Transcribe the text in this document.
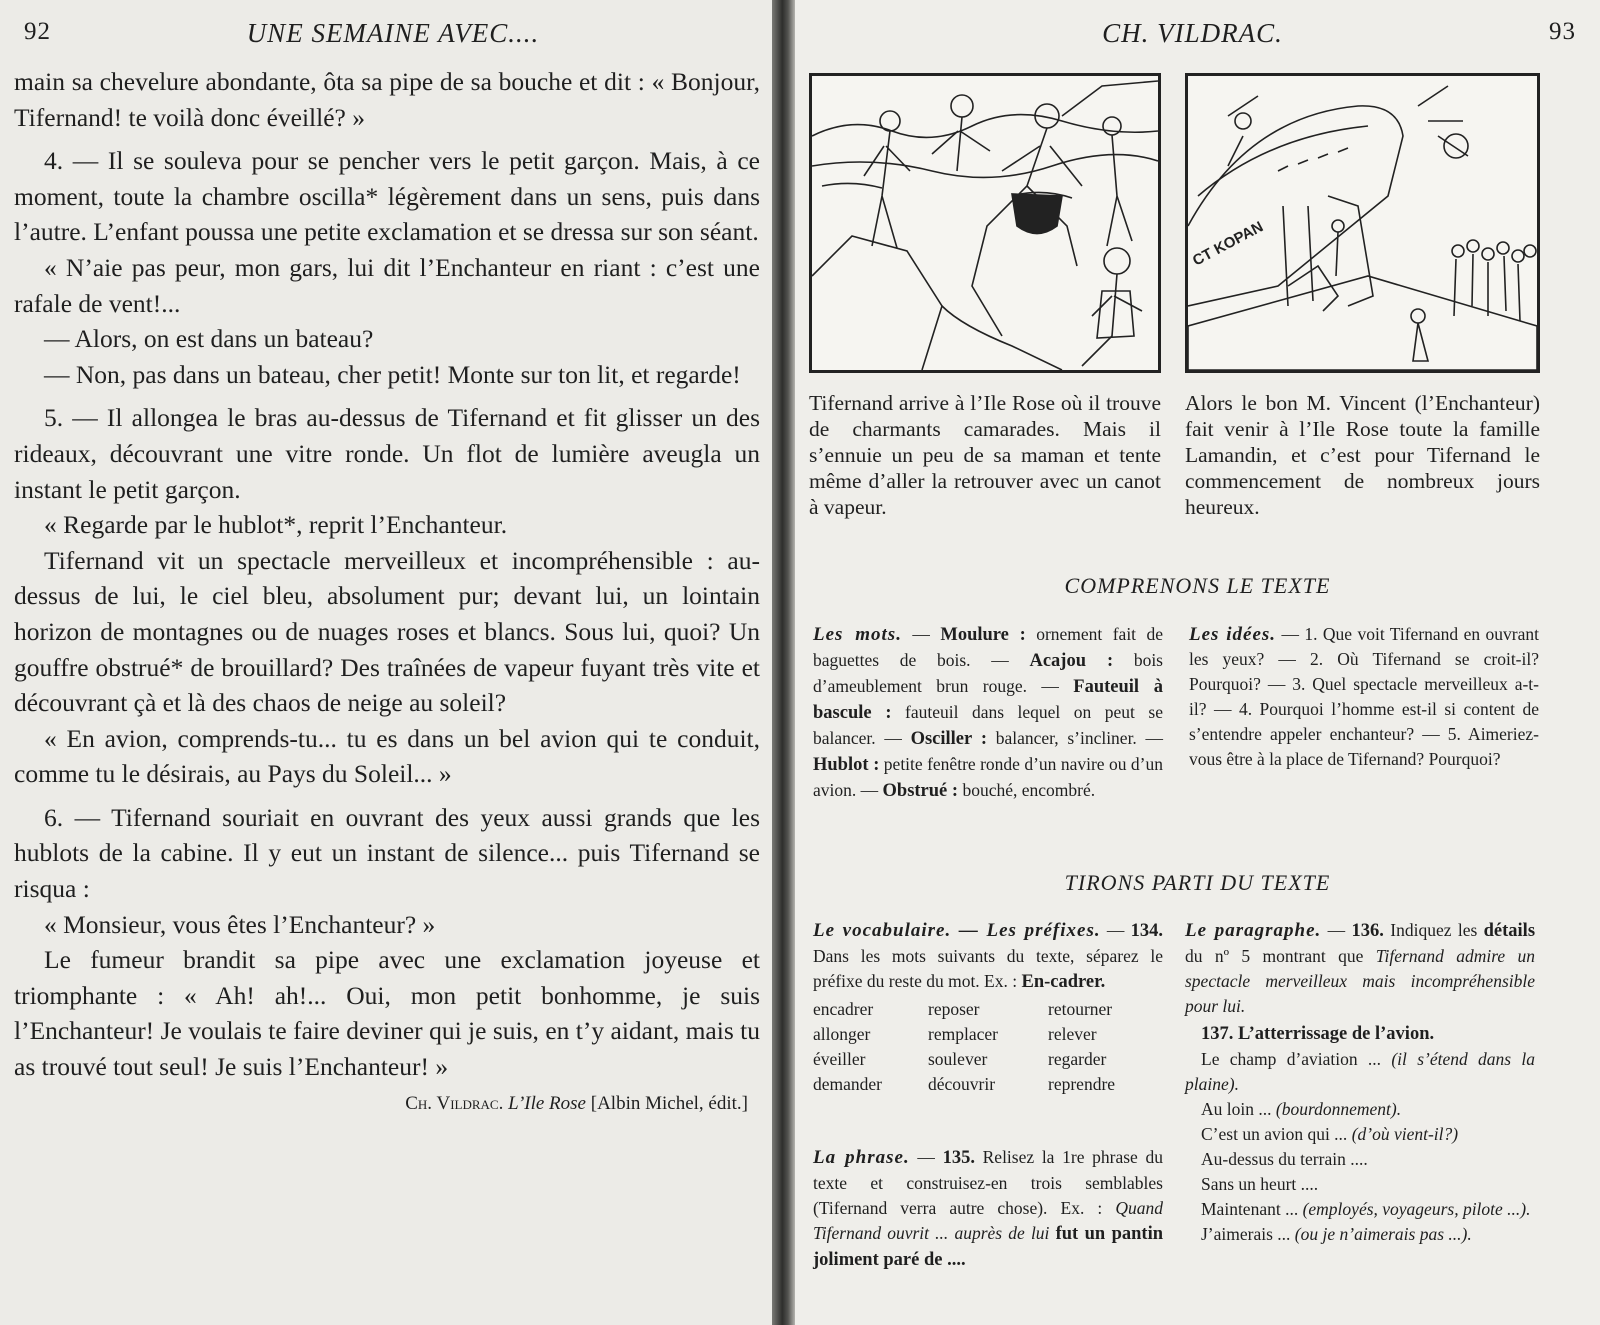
92	UNE SEMAINE AVEC....

main sa chevelure abondante, ôta sa pipe de sa bouche et dit : « Bonjour, Tifernand! te voilà donc éveillé? »

4. — Il se souleva pour se pencher vers le petit garçon. Mais, à ce moment, toute la chambre oscilla* légèrement dans un sens, puis dans l’autre. L’enfant poussa une petite exclamation et se dressa sur son séant.

« N’aie pas peur, mon gars, lui dit l’Enchanteur en riant : c’est une rafale de vent!...

— Alors, on est dans un bateau?

— Non, pas dans un bateau, cher petit! Monte sur ton lit, et regarde!

5. — Il allongea le bras au-dessus de Tifernand et fit glisser un des rideaux, découvrant une vitre ronde. Un flot de lumière aveugla un instant le petit garçon.

« Regarde par le hublot*, reprit l’Enchanteur.

Tifernand vit un spectacle merveilleux et incompréhensible : au-dessus de lui, le ciel bleu, absolument pur; devant lui, un lointain horizon de montagnes ou de nuages roses et blancs. Sous lui, quoi? Un gouffre obstrué* de brouillard? Des traînées de vapeur fuyant très vite et découvrant çà et là des chaos de neige au soleil?

« En avion, comprends-tu... tu es dans un bel avion qui te conduit, comme tu le désirais, au Pays du Soleil... »

6. — Tifernand souriait en ouvrant des yeux aussi grands que les hublots de la cabine. Il y eut un instant de silence... puis Tifernand se risqua :

« Monsieur, vous êtes l’Enchanteur? »

Le fumeur brandit sa pipe avec une exclamation joyeuse et triomphante : « Ah! ah!... Oui, mon petit bonhomme, je suis l’Enchanteur! Je voulais te faire deviner qui je suis, en t’y aidant, mais tu as trouvé tout seul! Je suis l’Enchanteur! »

Ch. Vildrac. L’Ile Rose [Albin Michel, édit.]
CH. VILDRAC.	93
CT KOPAN
Tifernand arrive à l’Ile Rose où il trouve de charmants camarades. Mais il s’ennuie un peu de sa maman et tente même d’aller la retrouver avec un canot à vapeur.
Alors le bon M. Vincent (l’Enchanteur) fait venir à l’Ile Rose toute la famille Lamandin, et c’est pour Tifernand le commencement de nombreux jours heureux.
COMPRENONS LE TEXTE

Les mots. — Moulure : ornement fait de baguettes de bois. — Acajou : bois d’ameublement brun rouge. — Fauteuil à bascule : fauteuil dans lequel on peut se balancer. — Osciller : balancer, s’incliner. — Hublot : petite fenêtre ronde d’un navire ou d’un avion. — Obstrué : bouché, encombré.

Les idées. — 1. Que voit Tifernand en ouvrant les yeux? — 2. Où Tifernand se croit-il? Pourquoi? — 3. Quel spectacle merveilleux a-t-il? — 4. Pourquoi l’homme est-il si content de s’entendre appeler enchanteur? — 5. Aimeriez-vous être à la place de Tifernand? Pourquoi?

TIRONS PARTI DU TEXTE

Le vocabulaire. — Les préfixes. — 134. Dans les mots suivants du texte, séparez le préfixe du reste du mot. Ex. : En-cadrer.

encadrer	reposer	retourner
allonger	remplacer	relever
éveiller	soulever	regarder
demander	découvrir	reprendre

La phrase. — 135. Relisez la 1re phrase du texte et construisez-en trois semblables (Tifernand verra autre chose). Ex. : Quand Tifernand ouvrit ... auprès de lui fut un pantin joliment paré de ....

Le paragraphe. — 136. Indiquez les détails du nº 5 montrant que Tifernand admire un spectacle merveilleux mais incompréhensible pour lui.

137. L’atterrissage de l’avion.

Le champ d’aviation ... (il s’étend dans la plaine).

Au loin ... (bourdonnement).

C’est un avion qui ... (d’où vient-il?)

Au-dessus du terrain ....

Sans un heurt ....

Maintenant ... (employés, voyageurs, pilote ...).

J’aimerais ... (ou je n’aimerais pas ...).
